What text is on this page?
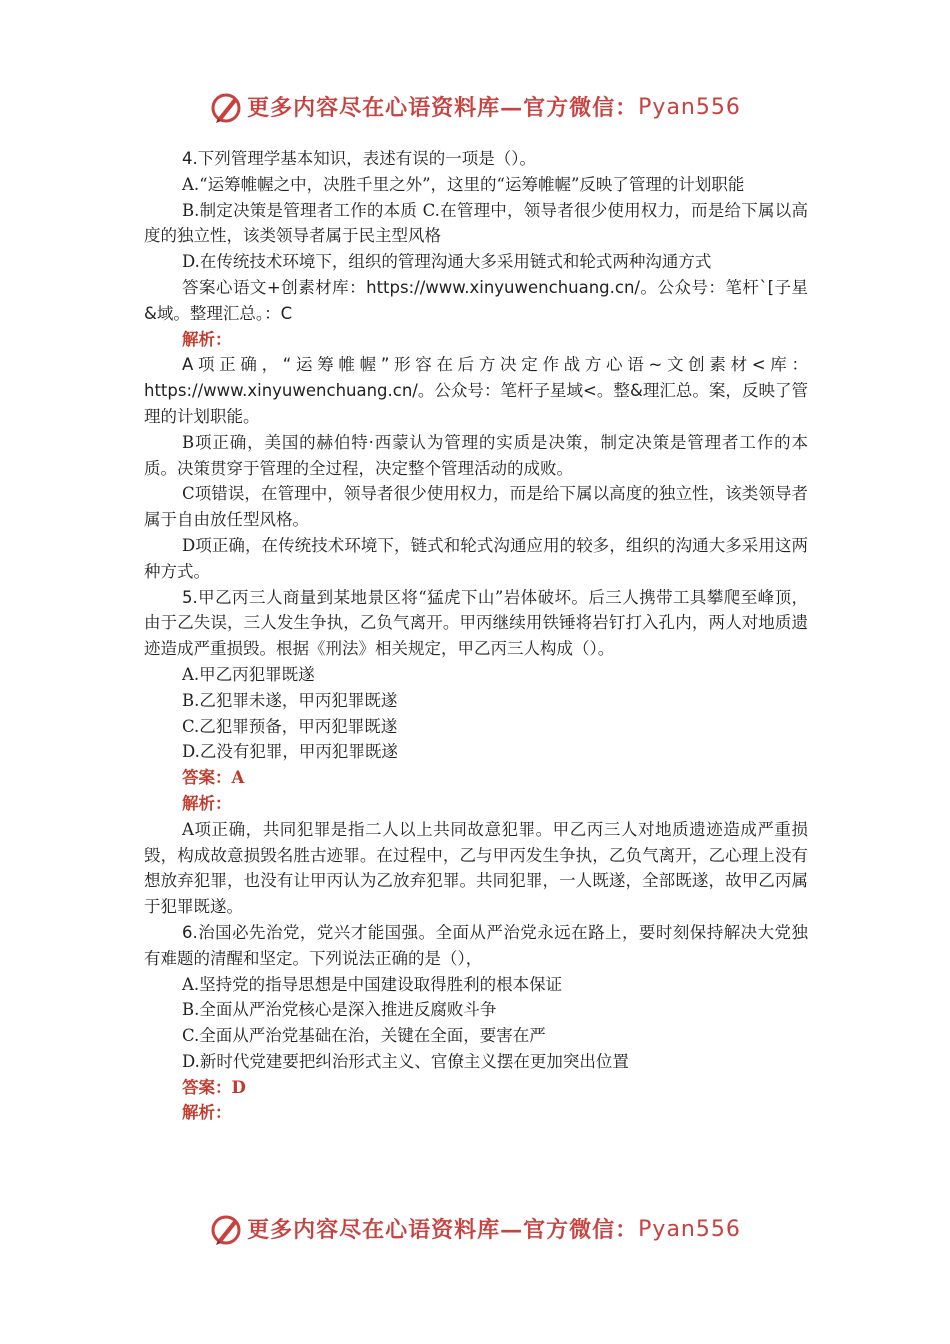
更多内容尽在心语资料库—官方微信：Pyan556

4.下列管理学基本知识，表述有误的一项是（）。

A.“运筹帷幄之中，决胜千里之外”，这里的“运筹帷幄”反映了管理的计划职能

B.制定决策是管理者工作的本质 C.在管理中，领导者很少使用权力，而是给下属以高度的独立性，该类领导者属于民主型风格

D.在传统技术环境下，组织的管理沟通大多采用链式和轮式两种沟通方式

答案心语文+创素材库：https://www.xinyuwenchuang.cn/。公众号：笔杆`[子星&域。整理汇总。：C

解析：

A项正确，“运筹帷幄”形容在后方决定作战方心语~文创素材<库：https://www.xinyuwenchuang.cn/。公众号：笔杆子星域<。整&理汇总。案，反映了管理的计划职能。

B项正确，美国的赫伯特·西蒙认为管理的实质是决策，制定决策是管理者工作的本质。决策贯穿于管理的全过程，决定整个管理活动的成败。

C项错误，在管理中，领导者很少使用权力，而是给下属以高度的独立性，该类领导者属于自由放任型风格。

D项正确，在传统技术环境下，链式和轮式沟通应用的较多，组织的沟通大多采用这两种方式。

5.甲乙丙三人商量到某地景区将“猛虎下山”岩体破坏。后三人携带工具攀爬至峰顶，由于乙失误，三人发生争执，乙负气离开。甲丙继续用铁锤将岩钉打入孔内，两人对地质遗迹造成严重损毁。根据《刑法》相关规定，甲乙丙三人构成（）。

A.甲乙丙犯罪既遂

B.乙犯罪未遂，甲丙犯罪既遂

C.乙犯罪预备，甲丙犯罪既遂

D.乙没有犯罪，甲丙犯罪既遂

答案：A

解析：

A项正确，共同犯罪是指二人以上共同故意犯罪。甲乙丙三人对地质遗迹造成严重损毁，构成故意损毁名胜古迹罪。在过程中，乙与甲丙发生争执，乙负气离开，乙心理上没有想放弃犯罪，也没有让甲丙认为乙放弃犯罪。共同犯罪，一人既遂，全部既遂，故甲乙丙属于犯罪既遂。

6.治国必先治党，党兴才能国强。全面从严治党永远在路上，要时刻保持解决大党独有难题的清醒和坚定。下列说法正确的是（），

A.坚持党的指导思想是中国建设取得胜利的根本保证

B.全面从严治党核心是深入推进反腐败斗争

C.全面从严治党基础在治，关键在全面，要害在严

D.新时代党建要把纠治形式主义、官僚主义摆在更加突出位置

答案：D

解析：

更多内容尽在心语资料库—官方微信：Pyan556
